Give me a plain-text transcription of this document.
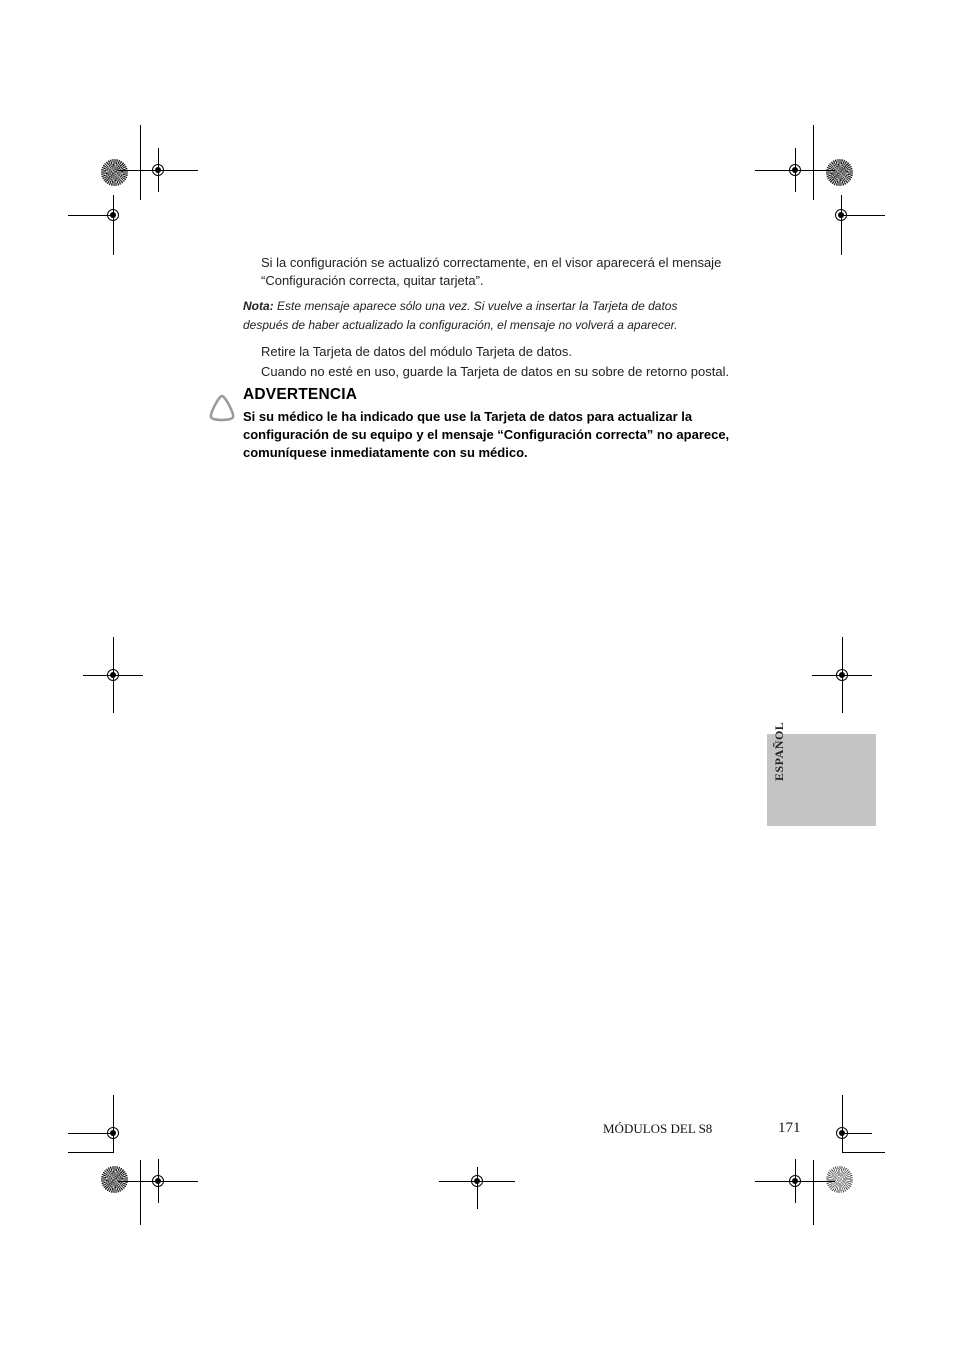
Si la configuración se actualizó correctamente, en el visor aparecerá el mensaje
“Configuración correcta, quitar tarjeta”.
Nota: Este mensaje aparece sólo una vez. Si vuelve a insertar la Tarjeta de datos
después de haber actualizado la configuración, el mensaje no volverá a aparecer.
Retire la Tarjeta de datos del módulo Tarjeta de datos.
Cuando no esté en uso, guarde la Tarjeta de datos en su sobre de retorno postal.
ADVERTENCIA
Si su médico le ha indicado que use la Tarjeta de datos para actualizar la
configuración de su equipo y el mensaje “Configuración correcta” no aparece,
comuníquese inmediatamente con su médico.
ESPAÑOL
MÓDULOS DEL S8	171
